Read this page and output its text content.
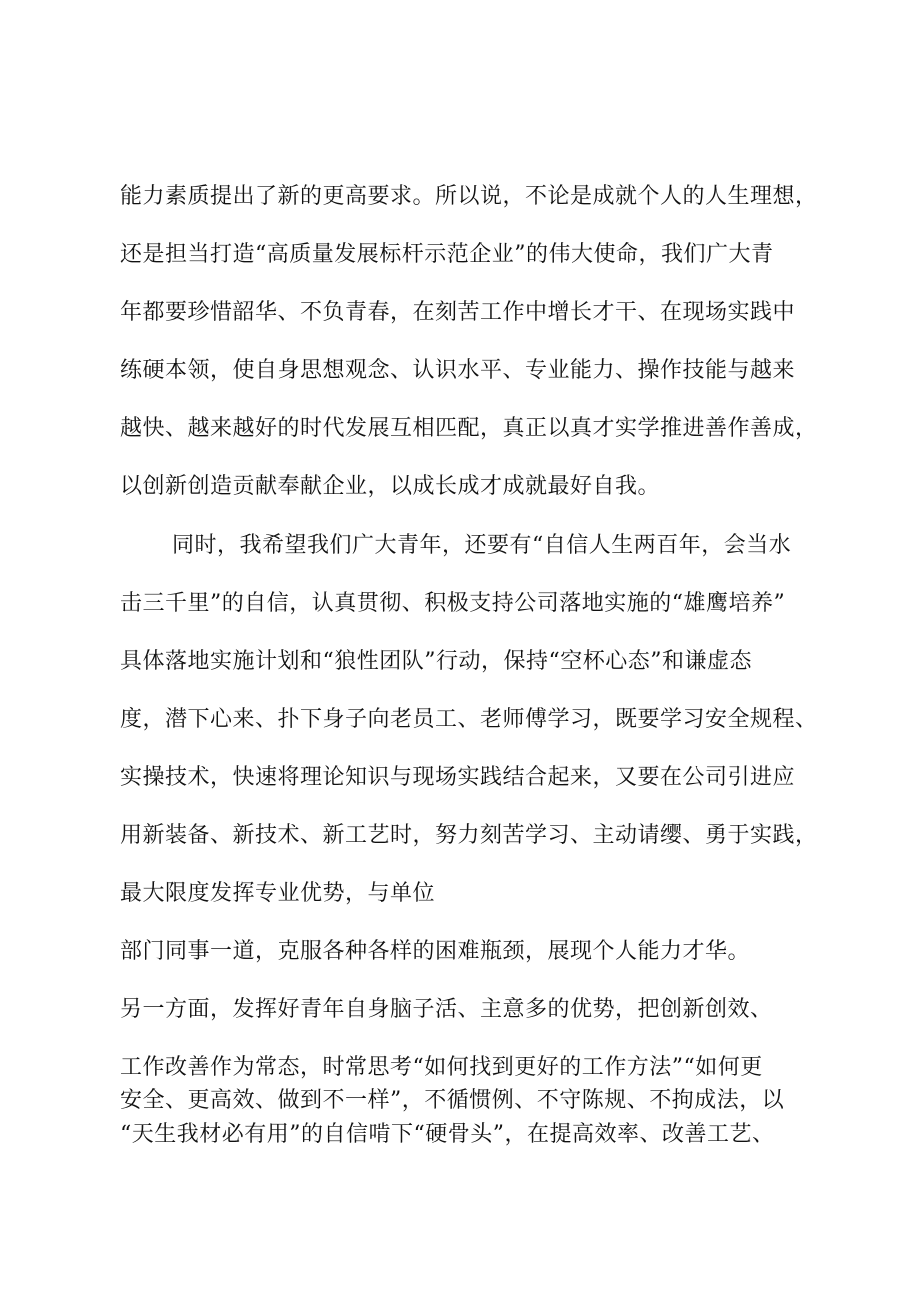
能力素质提出了新的更高要求。所以说，不论是成就个人的人生理想，
还是担当打造“高质量发展标杆示范企业”的伟大使命，我们广大青
年都要珍惜韶华、不负青春，在刻苦工作中增长才干、在现场实践中
练硬本领，使自身思想观念、认识水平、专业能力、操作技能与越来
越快、越来越好的时代发展互相匹配，真正以真才实学推进善作善成，
以创新创造贡献奉献企业，以成长成才成就最好自我。
同时，我希望我们广大青年，还要有“自信人生两百年，会当水
击三千里”的自信，认真贯彻、积极支持公司落地实施的“雄鹰培养”
具体落地实施计划和“狼性团队”行动，保持“空杯心态”和谦虚态
度，潜下心来、扑下身子向老员工、老师傅学习，既要学习安全规程、
实操技术，快速将理论知识与现场实践结合起来，又要在公司引进应
用新装备、新技术、新工艺时，努力刻苦学习、主动请缨、勇于实践，
最大限度发挥专业优势，与单位
部门同事一道，克服各种各样的困难瓶颈，展现个人能力才华。
另一方面，发挥好青年自身脑子活、主意多的优势，把创新创效、
工作改善作为常态，时常思考“如何找到更好的工作方法”“如何更
安全、更高效、做到不一样”，不循惯例、不守陈规、不拘成法，以
“天生我材必有用”的自信啃下“硬骨头”，在提高效率、改善工艺、
